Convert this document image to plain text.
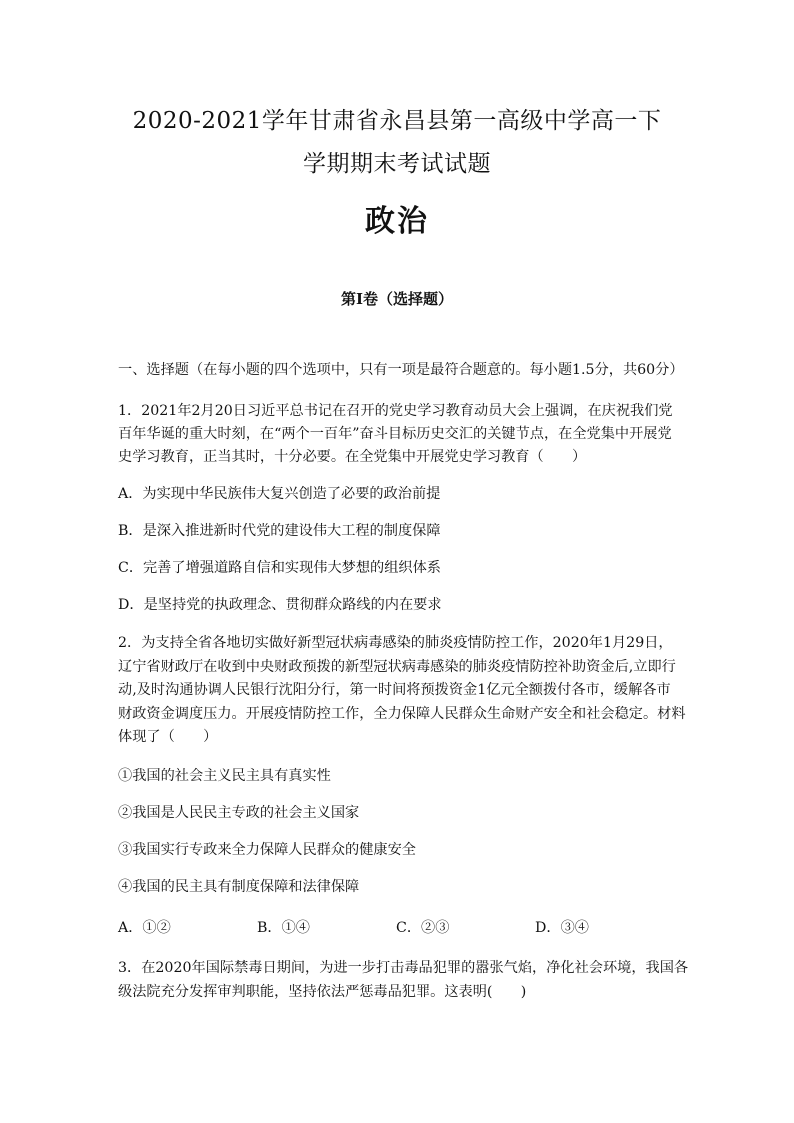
2020-2021学年甘肃省永昌县第一高级中学高一下
学期期末考试试题
政治
第Ⅰ卷（选择题）
一、选择题（在每小题的四个选项中，只有一项是最符合题意的。每小题1.5分，共60分）
1．2021年2月20日习近平总书记在召开的党史学习教育动员大会上强调，在庆祝我们党
百年华诞的重大时刻，在“两个一百年”奋斗目标历史交汇的关键节点，在全党集中开展党
史学习教育，正当其时，十分必要。在全党集中开展党史学习教育（　　）
A．为实现中华民族伟大复兴创造了必要的政治前提
B．是深入推进新时代党的建设伟大工程的制度保障
C．完善了增强道路自信和实现伟大梦想的组织体系
D．是坚持党的执政理念、贯彻群众路线的内在要求
2．为支持全省各地切实做好新型冠状病毒感染的肺炎疫情防控工作，2020年1月29日，
辽宁省财政厅在收到中央财政预拨的新型冠状病毒感染的肺炎疫情防控补助资金后,立即行
动,及时沟通协调人民银行沈阳分行，第一时间将预拨资金1亿元全额拨付各市，缓解各市
财政资金调度压力。开展疫情防控工作，全力保障人民群众生命财产安全和社会稳定。材料
体现了（　　）
①我国的社会主义民主具有真实性
②我国是人民民主专政的社会主义国家
③我国实行专政来全力保障人民群众的健康安全
④我国的民主具有制度保障和法律保障
A．①②	B．①④	C．②③	D．③④
3．在2020年国际禁毒日期间，为进一步打击毒品犯罪的嚣张气焰，净化社会环境，我国各
级法院充分发挥审判职能，坚持依法严惩毒品犯罪。这表明(　　)
